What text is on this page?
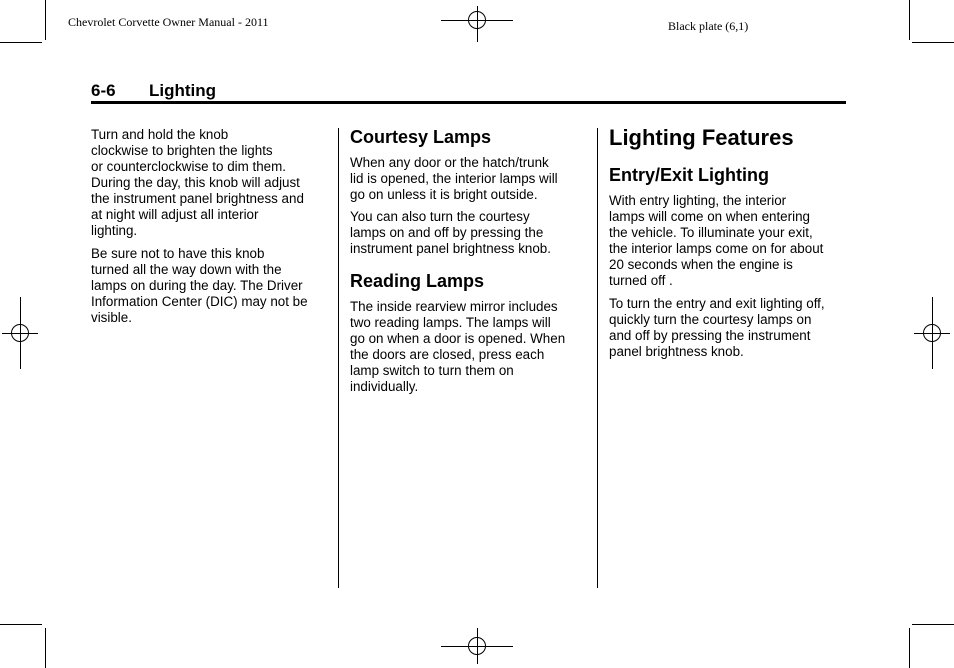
Chevrolet Corvette Owner Manual - 2011	Black plate (6,1)
6-6 Lighting

Turn and hold the knob
clockwise to brighten the lights
or counterclockwise to dim them.
During the day, this knob will adjust
the instrument panel brightness and
at night will adjust all interior
lighting.

Be sure not to have this knob
turned all the way down with the
lamps on during the day. The Driver
Information Center (DIC) may not be
visible.

Courtesy Lamps

When any door or the hatch/trunk
lid is opened, the interior lamps will
go on unless it is bright outside.

You can also turn the courtesy
lamps on and off by pressing the
instrument panel brightness knob.

Reading Lamps

The inside rearview mirror includes
two reading lamps. The lamps will
go on when a door is opened. When
the doors are closed, press each
lamp switch to turn them on
individually.

Lighting Features
Entry/Exit Lighting

With entry lighting, the interior
lamps will come on when entering
the vehicle. To illuminate your exit,
the interior lamps come on for about
20 seconds when the engine is
turned off .

To turn the entry and exit lighting off,
quickly turn the courtesy lamps on
and off by pressing the instrument
panel brightness knob.
